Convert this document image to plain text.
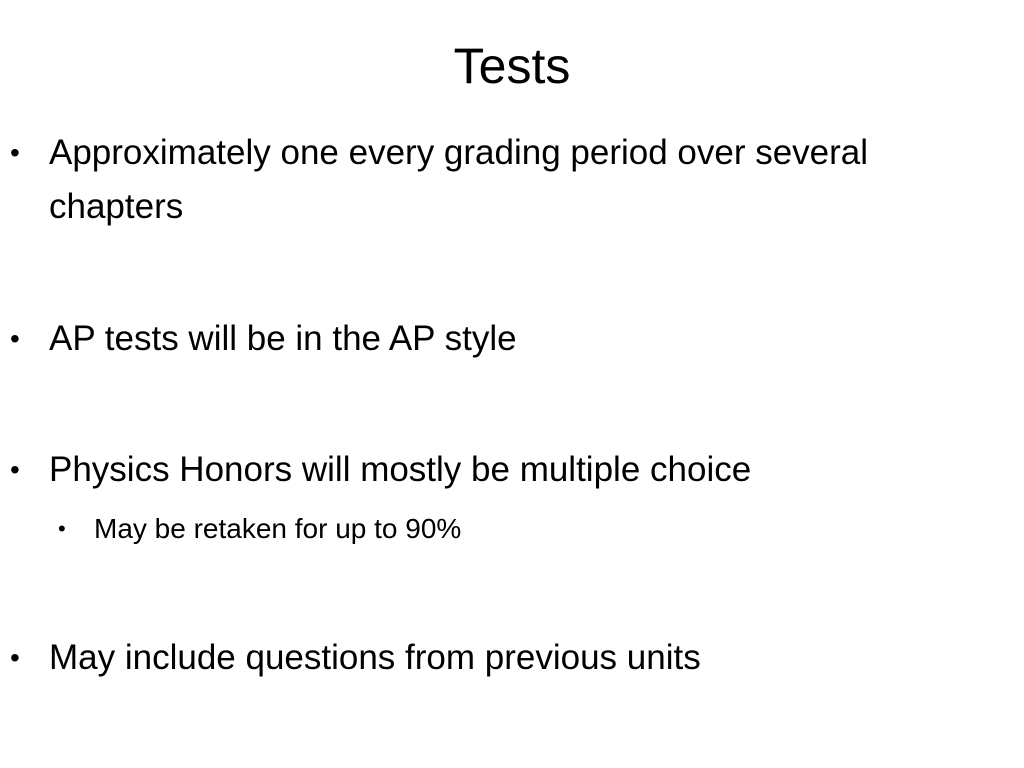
Tests
• Approximately one every grading period over several chapters
• AP tests will be in the AP style
• Physics Honors will mostly be multiple choice
•	May be retaken for up to 90%
• May include questions from previous units
